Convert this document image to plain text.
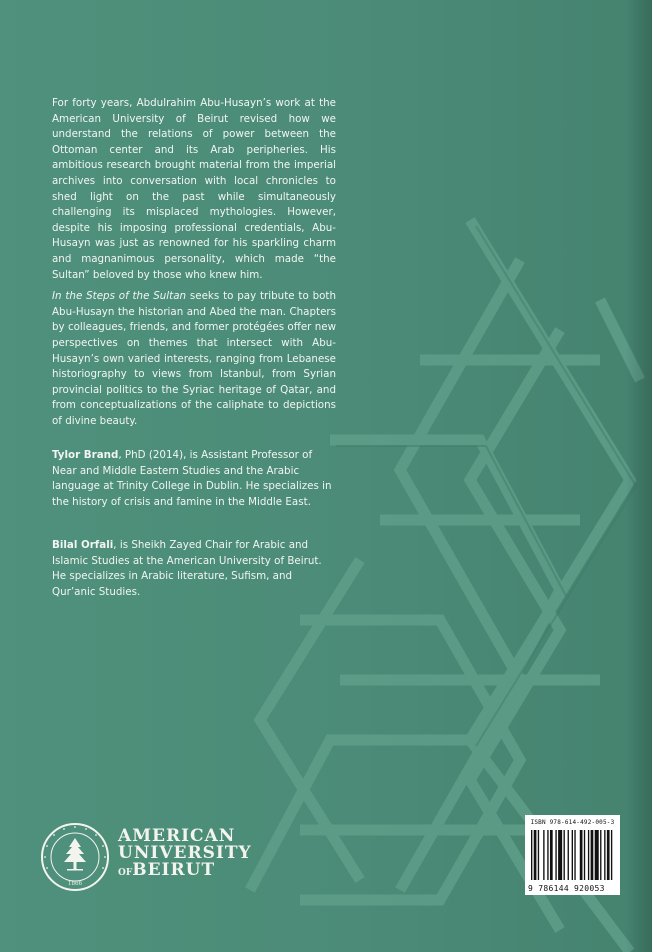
For forty years, Abdulrahim Abu-Husayn’s work at the American University of Beirut revised how we understand the relations of power between the Ottoman center and its Arab peripheries. His ambitious research brought material from the imperial archives into conversation with local chronicles to shed light on the past while simultaneously challenging its misplaced mythologies. However, despite his imposing professional credentials, Abu-Husayn was just as renowned for his sparkling charm and magnanimous personality, which made “the Sultan” beloved by those who knew him.

In the Steps of the Sultan seeks to pay tribute to both Abu-Husayn the historian and Abed the man. Chapters by colleagues, friends, and former protégées offer new perspectives on themes that intersect with Abu-Husayn’s own varied interests, ranging from Lebanese historiography to views from Istanbul, from Syrian provincial politics to the Syriac heritage of Qatar, and from conceptualizations of the caliphate to depictions of divine beauty.

Tylor Brand, PhD (2014), is Assistant Professor of Near and Middle Eastern Studies and the Arabic language at Trinity College in Dublin. He specializes in the history of crisis and famine in the Middle East.
Bilal Orfali, is Sheikh Zayed Chair for Arabic and Islamic Studies at the American University of Beirut. He specializes in Arabic literature, Sufism, and Qur’anic Studies.
1866
AMERICAN
UNIVERSITY
OFBEIRUT
ISBN 978-614-492-005-3
9 786144 920053
